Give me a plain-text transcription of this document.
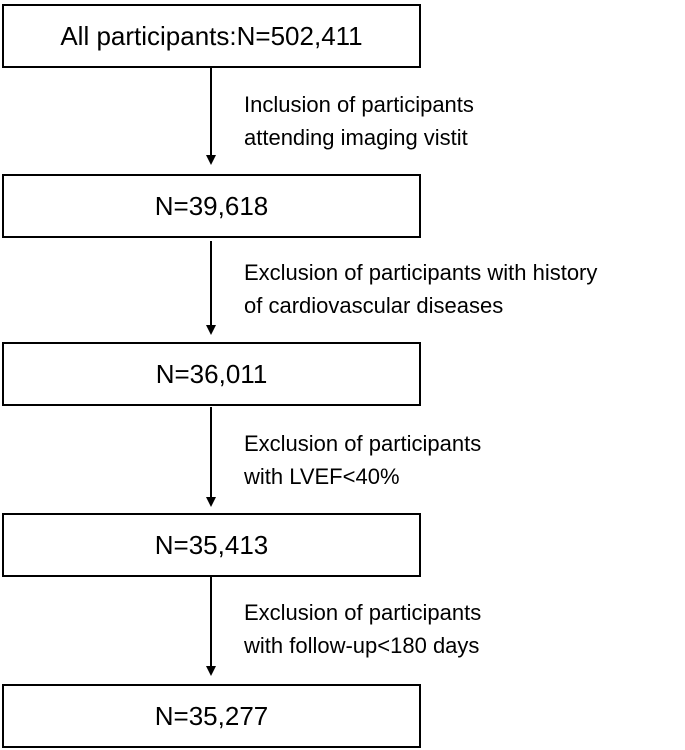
All participants:N=502,411
N=39,618
N=36,011
N=35,413
N=35,277
Inclusion of participants
attending imaging vistit
Exclusion of participants with history
of cardiovascular diseases
Exclusion of participants
with LVEF<40%
Exclusion of participants
with follow-up<180 days
